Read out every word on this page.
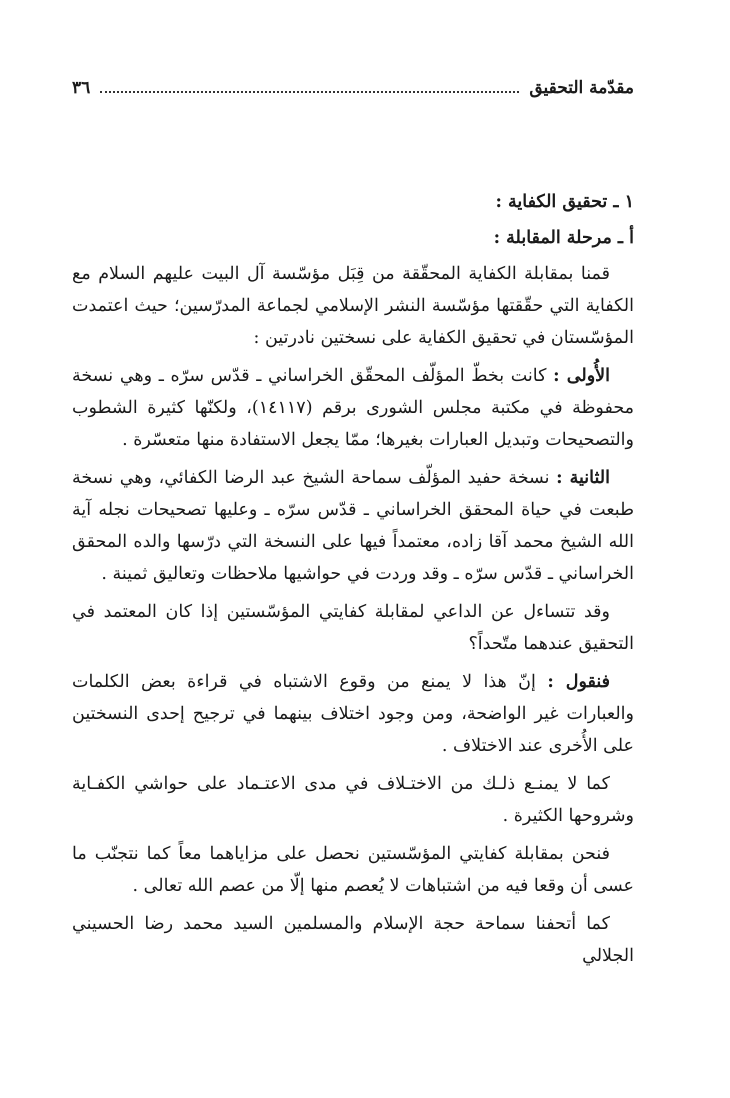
٣٦	مقدّمة التحقيق

١ ـ تحقيق الكفاية :

أ ـ مرحلة المقابلة :

قمنا بمقابلة الكفاية المحقّقة من قِبَل مؤسّسة آل البيت عليهم السلام مع الكفاية التي حقّقتها مؤسّسة النشر الإسلامي لجماعة المدرّسين؛ حيث اعتمدت المؤسّستان في تحقيق الكفاية على نسختين نادرتين :

الأُولى : كانت بخطّ المؤلّف المحقّق الخراساني ـ قدّس سرّه ـ وهي نسخة محفوظة في مكتبة مجلس الشورى برقم (١٤١١٧)، ولكنّها كثيرة الشطوب والتصحيحات وتبديل العبارات بغيرها؛ ممّا يجعل الاستفادة منها متعسّرة .

الثانية : نسخة حفيد المؤلّف سماحة الشيخ عبد الرضا الكفائي، وهي نسخة طبعت في حياة المحقق الخراساني ـ قدّس سرّه ـ وعليها تصحيحات نجله آية الله الشيخ محمد آقا زاده، معتمداً فيها على النسخة التي درّسها والده المحقق الخراساني ـ قدّس سرّه ـ وقد وردت في حواشيها ملاحظات وتعاليق ثمينة .

وقد تتساءل عن الداعي لمقابلة كفايتي المؤسّستين إذا كان المعتمد في التحقيق عندهما متّحداً؟

فنقول : إنّ هذا لا يمنع من وقوع الاشتباه في قراءة بعض الكلمات والعبارات غير الواضحة، ومن وجود اختلاف بينهما في ترجيح إحدى النسختين على الأُخرى عند الاختلاف .

كما لا يمنـع ذلـك من الاختـلاف في مدى الاعتـماد على حواشي الكفـاية وشروحها الكثيرة .

فنحن بمقابلة كفايتي المؤسّستين نحصل على مزاياهما معاً كما نتجنّب ما عسى أن وقعا فيه من اشتباهات لا يُعصم منها إلّا من عصم الله تعالى .

كما أتحفنا سماحة حجة الإسلام والمسلمين السيد محمد رضا الحسيني الجلالي
